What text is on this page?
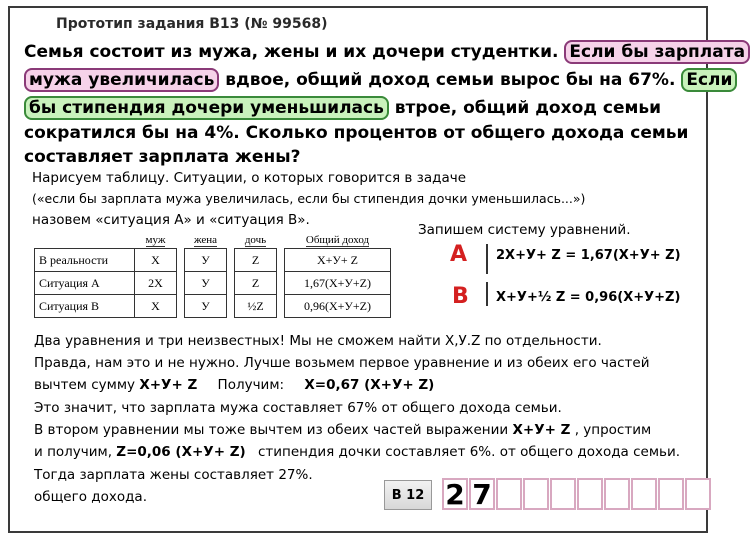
Прототип задания B13 (№ 99568)
Семья состоит из мужа, жены и их дочери студентки. Если бы зарплата
мужа увеличилась вдвое, общий доход семьи вырос бы на 67%. Если
бы стипендия дочери уменьшилась втрое, общий доход семьи
сократился бы на 4%. Сколько процентов от общего дохода семьи
составляет зарплата жены?
Нарисуем таблицу. Ситуации, о которых говорится в задаче
(«если бы зарплата мужа увеличилась, если бы стипендия дочки уменьшилась...»)
назовем «ситуация А» и «ситуация В».
	муж		жена		дочь		Общий доход
В реальности	X		У		Z		X+У+ Z
Ситуация А	2X		У		Z		1,67(X+У+Z)
Ситуация В	X		У		½Z		0,96(X+У+Z)
Запишем систему уравнений.
А 2X+У+ Z = 1,67(X+У+ Z)
В X+У+½ Z = 0,96(X+У+Z)
Два уравнения и три неизвестных! Мы не сможем найти X,У.Z по отдельности.
Правда, нам это и не нужно. Лучше возьмем первое уравнение и из обеих его частей
вычтем сумму X+У+ Z Получим: X=0,67 (X+У+ Z)
Это значит, что зарплата мужа составляет 67% от общего дохода семьи.
В втором уравнении мы тоже вычтем из обеих частей выражении X+У+ Z , упростим
и получим, Z=0,06 (X+У+ Z) стипендия дочки составляет 6%. от общего дохода семьи.
Тогда зарплата жены составляет 27%.
общего дохода.	В 12 2 7
